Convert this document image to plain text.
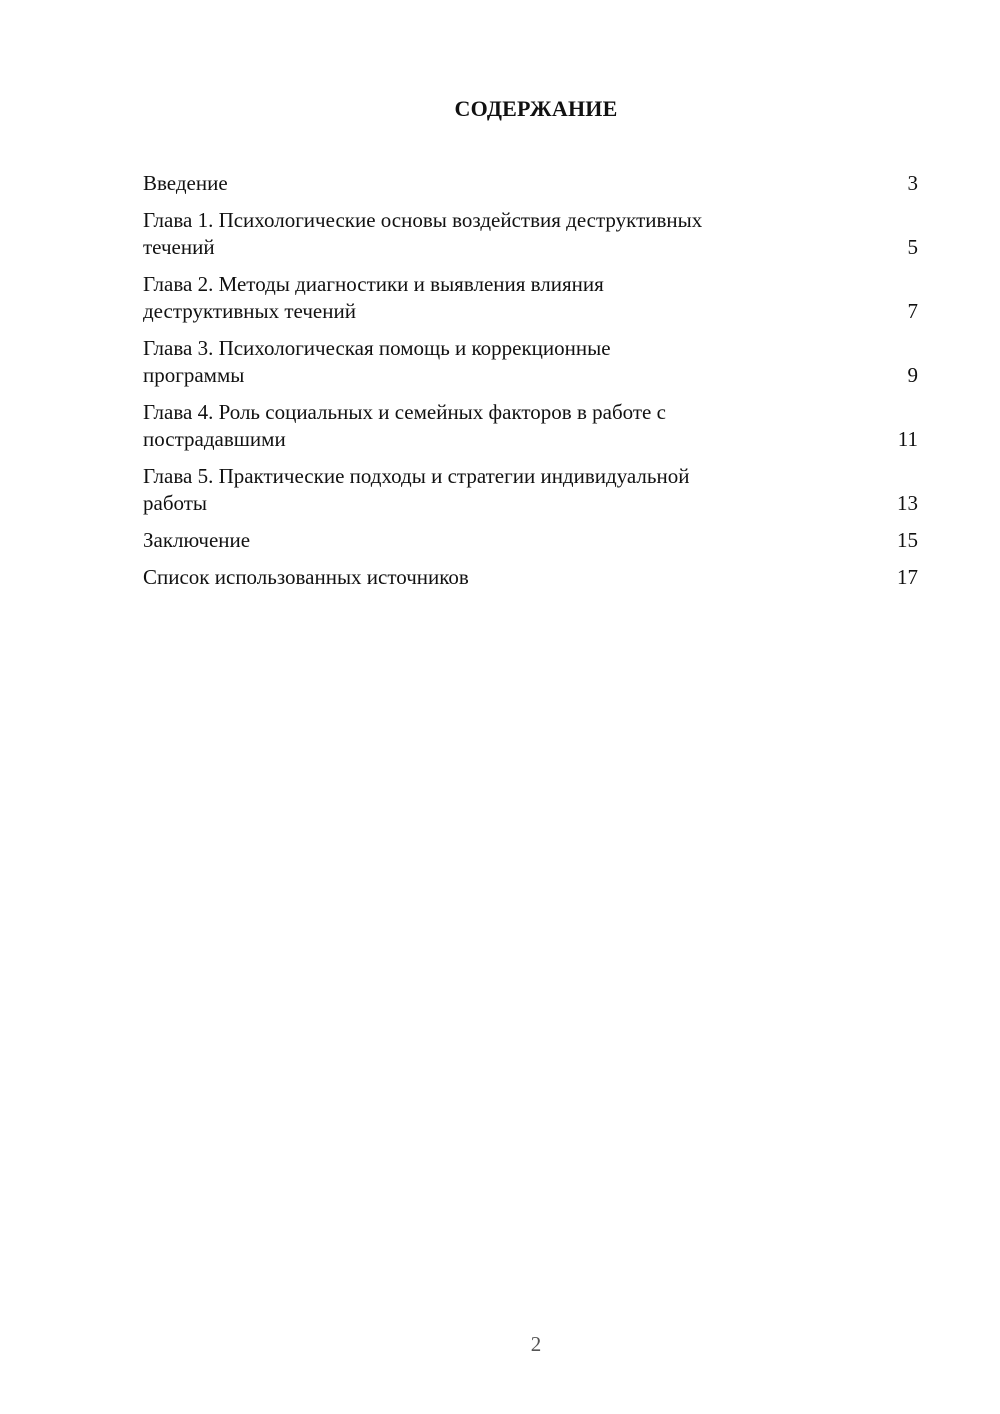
СОДЕРЖАНИЕ
Введение	3
Глава 1. Психологические основы воздействия деструктивных
течений	5
Глава 2. Методы диагностики и выявления влияния
деструктивных течений	7
Глава 3. Психологическая помощь и коррекционные
программы	9
Глава 4. Роль социальных и семейных факторов в работе с
пострадавшими	11
Глава 5. Практические подходы и стратегии индивидуальной
работы	13
Заключение	15
Список использованных источников	17
2
